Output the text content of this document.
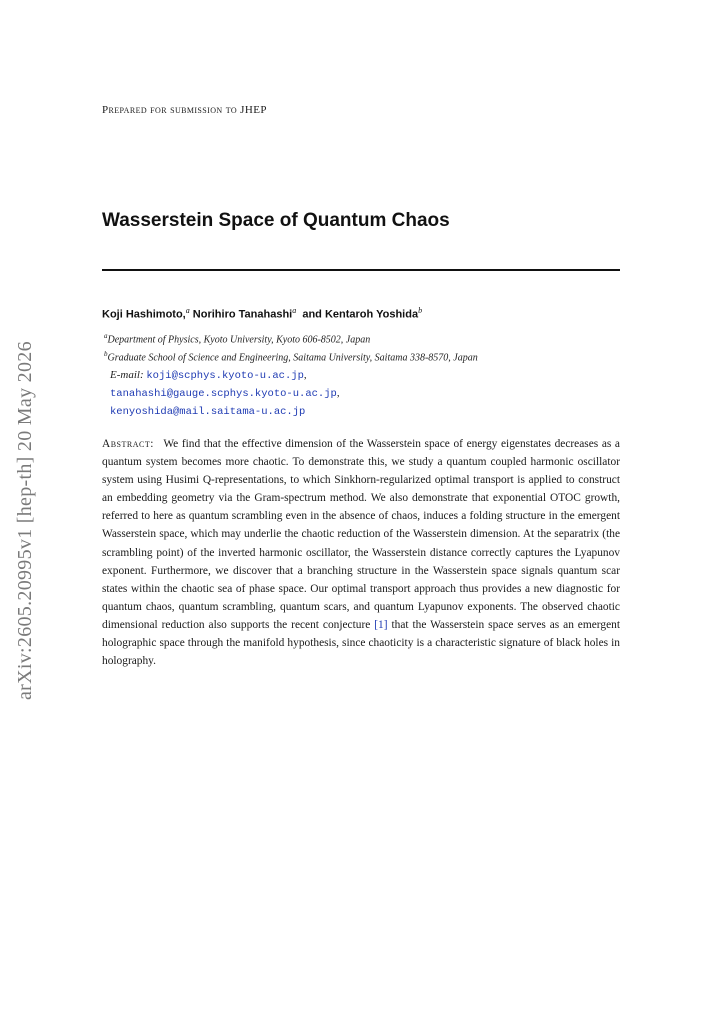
arXiv:2605.20995v1 [hep-th] 20 May 2026
Prepared for submission to JHEP
Wasserstein Space of Quantum Chaos
Koji Hashimoto,$^a$ Norihiro Tanahashi$^a$ and Kentaroh Yoshida$^b$
$^a$Department of Physics, Kyoto University, Kyoto 606-8502, Japan
$^b$Graduate School of Science and Engineering, Saitama University, Saitama 338-8570, Japan
E-mail: koji@scphys.kyoto-u.ac.jp,
tanahashi@gauge.scphys.kyoto-u.ac.jp,
kenyoshida@mail.saitama-u.ac.jp
Abstract: We find that the effective dimension of the Wasserstein space of energy eigenstates decreases as a quantum system becomes more chaotic. To demonstrate this, we study a quantum coupled harmonic oscillator system using Husimi Q-representations, to which Sinkhorn-regularized optimal transport is applied to construct an embedding geometry via the Gram-spectrum method. We also demonstrate that exponential OTOC growth, referred to here as quantum scrambling even in the absence of chaos, induces a folding structure in the emergent Wasserstein space, which may underlie the chaotic reduction of the Wasserstein dimension. At the separatrix (the scrambling point) of the inverted harmonic oscillator, the Wasserstein distance correctly captures the Lyapunov exponent. Furthermore, we discover that a branching structure in the Wasserstein space signals quantum scar states within the chaotic sea of phase space. Our optimal transport approach thus provides a new diagnostic for quantum chaos, quantum scrambling, quantum scars, and quantum Lyapunov exponents. The observed chaotic dimensional reduction also supports the recent conjecture [1] that the Wasserstein space serves as an emergent holographic space through the manifold hypothesis, since chaoticity is a characteristic signature of black holes in holography.
